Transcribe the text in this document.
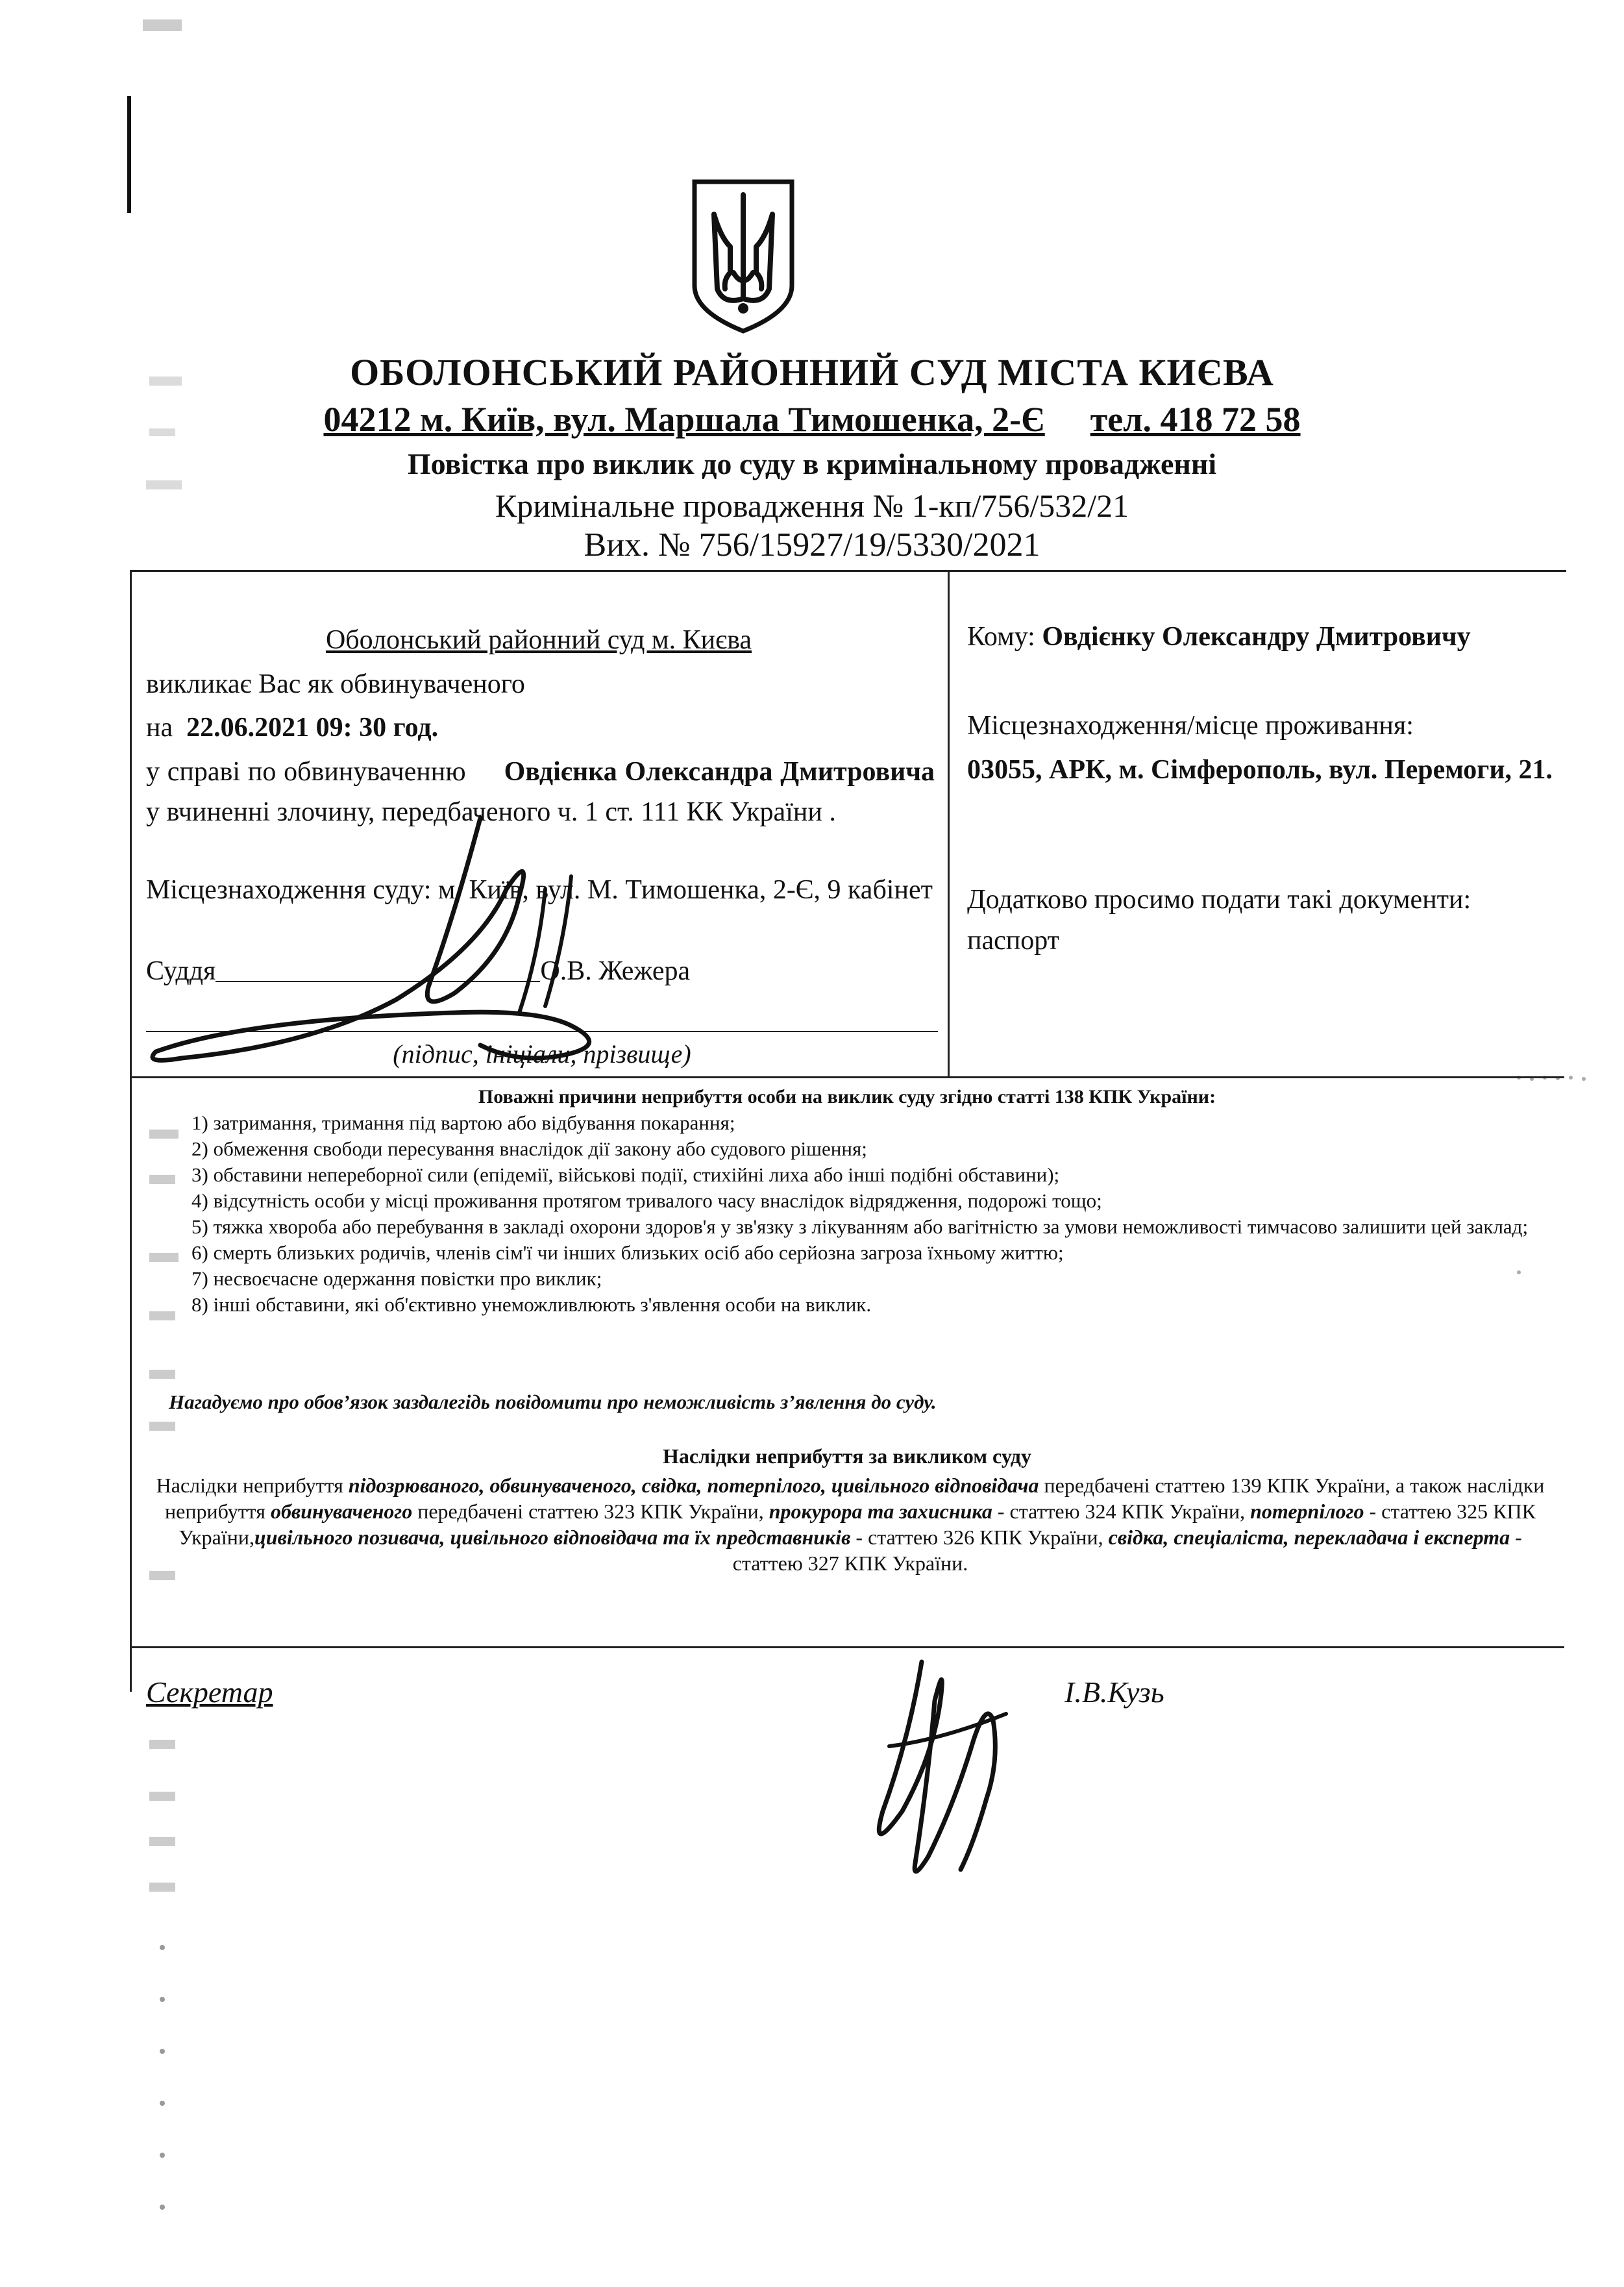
ОБОЛОНСЬКИЙ РАЙОННИЙ СУД МІСТА КИЄВА
04212 м. Київ, вул. Маршала Тимошенка, 2-Є тел. 418 72 58
Повістка про виклик до суду в кримінальному провадженні
Кримінальне провадження № 1-кп/756/532/21
Вих. № 756/15927/19/5330/2021
Оболонський районний суд м. Києва
викликає Вас як обвинуваченого
на 22.06.2021 09: 30 год.
у справі по обвинуваченню Овдієнка Олександра Дмитровича у вчиненні злочину, передбаченого ч. 1 ст. 111 КК України .
Місцезнаходження суду: м. Київ, вул. М. Тимошенка, 2-Є, 9 кабінет
Суддя	О.В. Жежера
(підпис, ініціали, прізвище)
Кому: Овдієнку Олександру Дмитровичу
Місцезнаходження/місце проживання:
03055, АРК, м. Сімферополь, вул. Перемоги, 21.
Додатково просимо подати такі документи:
паспорт
Поважні причини неприбуття особи на виклик суду згідно статті 138 КПК України:

1) затримання, тримання під вартою або відбування покарання;

2) обмеження свободи пересування внаслідок дії закону або судового рішення;

3) обставини непереборної сили (епідемії, військові події, стихійні лиха або інші подібні обставини);

4) відсутність особи у місці проживання протягом тривалого часу внаслідок відрядження, подорожі тощо;

5) тяжка хвороба або перебування в закладі охорони здоров'я у зв'язку з лікуванням або вагітністю за умови неможливості тимчасово залишити цей заклад;

6) смерть близьких родичів, членів сім'ї чи інших близьких осіб або серйозна загроза їхньому життю;

7) несвоєчасне одержання повістки про виклик;

8) інші обставини, які об'єктивно унеможливлюють з'явлення особи на виклик.

Нагадуємо про обов’язок заздалегідь повідомити про неможливість з’явлення до суду.
Наслідки неприбуття за викликом суду
Наслідки неприбуття підозрюваного, обвинуваченого, свідка, потерпілого, цивільного відповідача передбачені статтею 139 КПК України, а також наслідки неприбуття обвинуваченого передбачені статтею 323 КПК України, прокурора та захисника - статтею 324 КПК України, потерпілого - статтею 325 КПК України,цивільного позивача, цивільного відповідача та їх представників - статтею 326 КПК України, свідка, спеціаліста, перекладача і експерта - статтею 327 КПК України.
Секретар	І.В.Кузь
